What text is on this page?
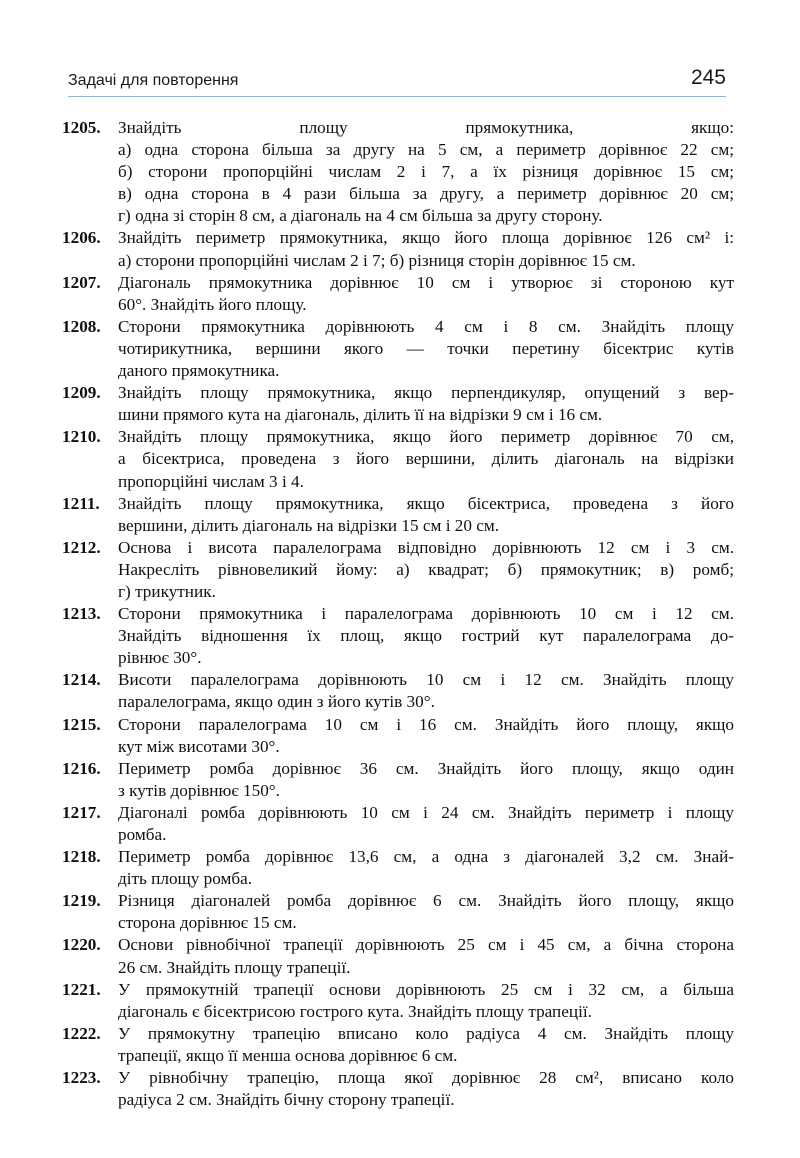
Задачі для повторення	245
1205.	Знайдіть площу прямокутника, якщо:
а) одна сторона більша за другу на 5 см, а периметр дорівнює 22 см;
б) сторони пропорційні числам 2 і 7, а їх різниця дорівнює 15 см;
в) одна сторона в 4 рази більша за другу, а периметр дорівнює 20 см;
г) одна зі сторін 8 см, а діагональ на 4 см більша за другу сторону.
1206.	Знайдіть периметр прямокутника, якщо його площа дорівнює 126 см² і:
а) сторони пропорційні числам 2 і 7; б) різниця сторін дорівнює 15 см.
1207.	Діагональ прямокутника дорівнює 10 см і утворює зі стороною кут
60°. Знайдіть його площу.
1208.	Сторони прямокутника дорівнюють 4 см і 8 см. Знайдіть площу
чотирикутника, вершини якого — точки перетину бісектрис кутів
даного прямокутника.
1209.	Знайдіть площу прямокутника, якщо перпендикуляр, опущений з вер-
шини прямого кута на діагональ, ділить її на відрізки 9 см і 16 см.
1210.	Знайдіть площу прямокутника, якщо його периметр дорівнює 70 см,
а бісектриса, проведена з його вершини, ділить діагональ на відрізки
пропорційні числам 3 і 4.
1211.	Знайдіть площу прямокутника, якщо бісектриса, проведена з його
вершини, ділить діагональ на відрізки 15 см і 20 см.
1212.	Основа і висота паралелограма відповідно дорівнюють 12 см і 3 см.
Накресліть рівновеликий йому: а) квадрат; б) прямокутник; в) ромб;
г) трикутник.
1213.	Сторони прямокутника і паралелограма дорівнюють 10 см і 12 см.
Знайдіть відношення їх площ, якщо гострий кут паралелограма до-
рівнює 30°.
1214.	Висоти паралелограма дорівнюють 10 см і 12 см. Знайдіть площу
паралелограма, якщо один з його кутів 30°.
1215.	Сторони паралелограма 10 см і 16 см. Знайдіть його площу, якщо
кут між висотами 30°.
1216.	Периметр ромба дорівнює 36 см. Знайдіть його площу, якщо один
з кутів дорівнює 150°.
1217.	Діагоналі ромба дорівнюють 10 см і 24 см. Знайдіть периметр і площу
ромба.
1218.	Периметр ромба дорівнює 13,6 см, а одна з діагоналей 3,2 см. Знай-
діть площу ромба.
1219.	Різниця діагоналей ромба дорівнює 6 см. Знайдіть його площу, якщо
сторона дорівнює 15 см.
1220.	Основи рівнобічної трапеції дорівнюють 25 см і 45 см, а бічна сторона
26 см. Знайдіть площу трапеції.
1221.	У прямокутній трапеції основи дорівнюють 25 см і 32 см, а більша
діагональ є бісектрисою гострого кута. Знайдіть площу трапеції.
1222.	У прямокутну трапецію вписано коло радіуса 4 см. Знайдіть площу
трапеції, якщо її менша основа дорівнює 6 см.
1223.	У рівнобічну трапецію, площа якої дорівнює 28 см², вписано коло
радіуса 2 см. Знайдіть бічну сторону трапеції.
